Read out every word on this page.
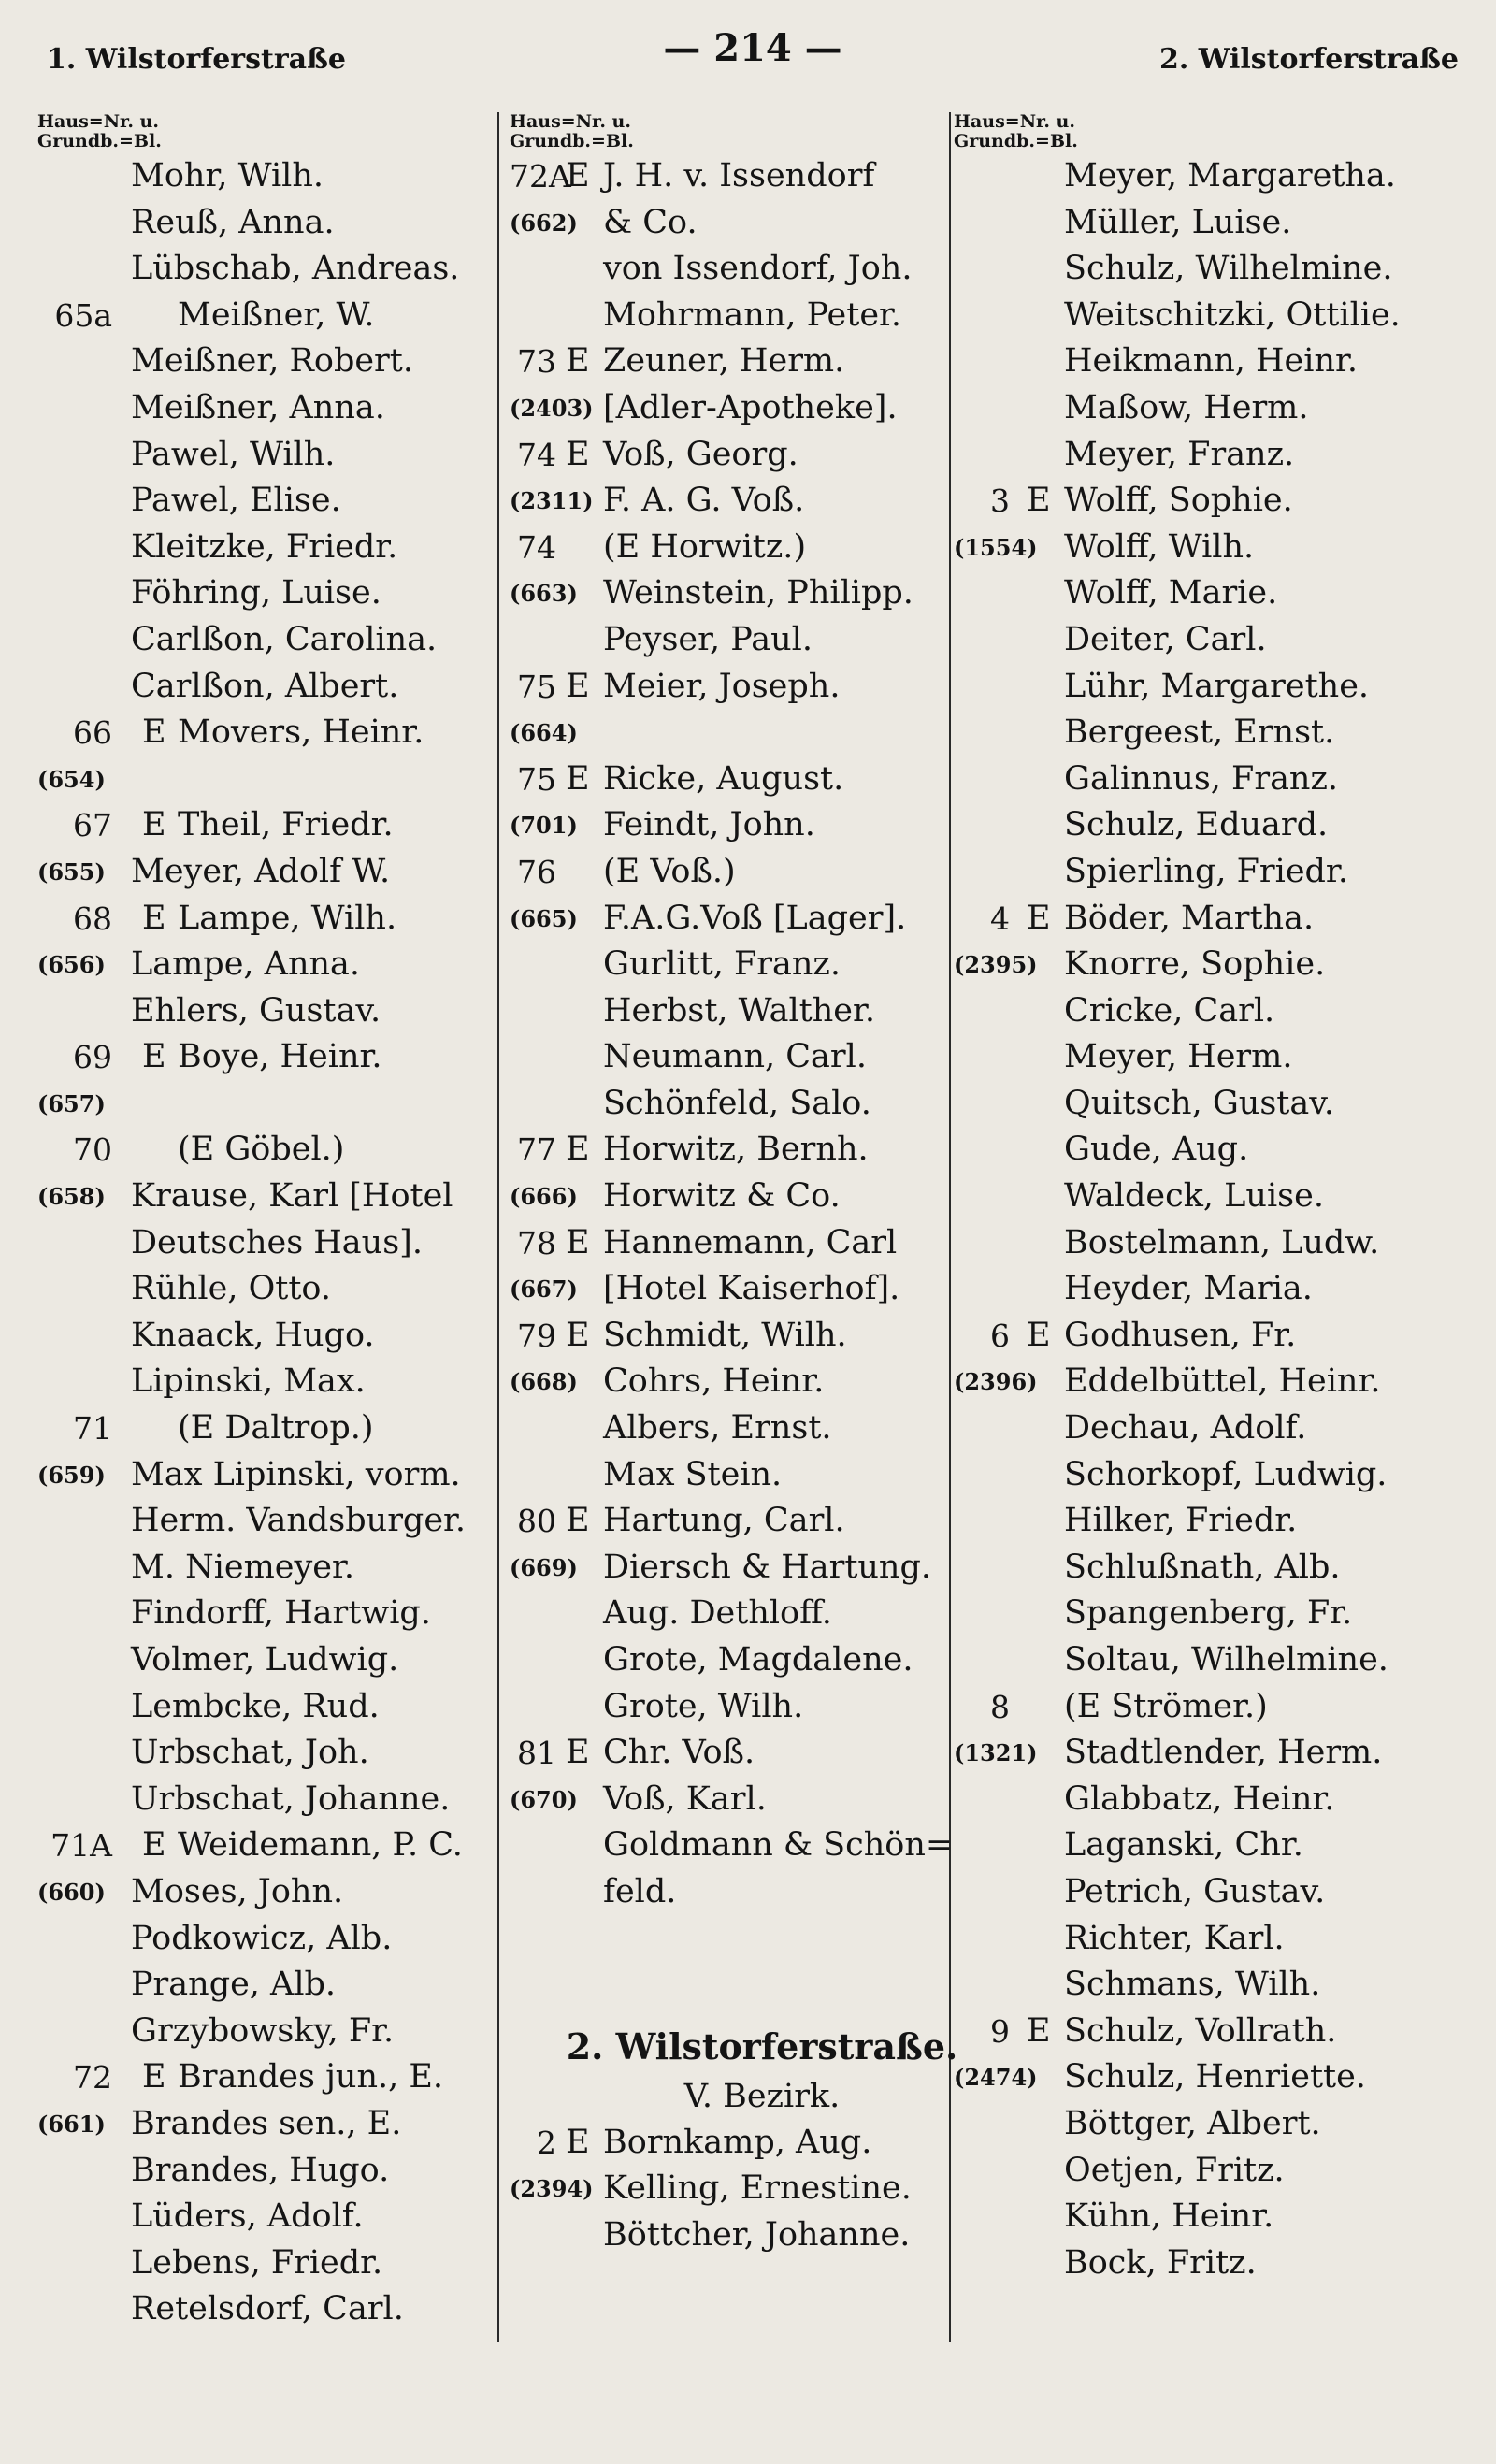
1. Wilstorferstraße	— 214 —	2. Wilstorferstraße
Haus=Nr. u.
Grundb.=Bl.
Mohr, Wilh.
Reuß, Anna.
Lübschab, Andreas.
65a Meißner, W.
Meißner, Robert.
Meißner, Anna.
Pawel, Wilh.
Pawel, Elise.
Kleitzke, Friedr.
Föhring, Luise.
Carlßon, Carolina.
Carlßon, Albert.
66 E Movers, Heinr.
(654)
67 E Theil, Friedr.
(655) Meyer, Adolf W.
68 E Lampe, Wilh.
(656) Lampe, Anna.
Ehlers, Gustav.
69 E Boye, Heinr.
(657)
70 (E Göbel.)
(658) Krause, Karl [Hotel
Deutsches Haus].
Rühle, Otto.
Knaack, Hugo.
Lipinski, Max.
71 (E Daltrop.)
(659) Max Lipinski, vorm.
Herm. Vandsburger.
M. Niemeyer.
Findorff, Hartwig.
Volmer, Ludwig.
Lembcke, Rud.
Urbschat, Joh.
Urbschat, Johanne.
71A E Weidemann, P. C.
(660) Moses, John.
Podkowicz, Alb.
Prange, Alb.
Grzybowsky, Fr.
72 E Brandes jun., E.
(661) Brandes sen., E.
Brandes, Hugo.
Lüders, Adolf.
Lebens, Friedr.
Retelsdorf, Carl.
Haus=Nr. u.
Grundb.=Bl.
72A
E J. H. v. Issendorf
(662) & Co.
von Issendorf, Joh.
Mohrmann, Peter.
73 E Zeuner, Herm.
(2403) [Adler-Apotheke].
74 E Voß, Georg.
(2311) F. A. G. Voß.
74 (E Horwitz.)
(663) Weinstein, Philipp.
Peyser, Paul.
75 E Meier, Joseph.
(664)
75 E Ricke, August.
(701) Feindt, John.
76 (E Voß.)
(665) F.A.G.Voß [Lager].
Gurlitt, Franz.
Herbst, Walther.
Neumann, Carl.
Schönfeld, Salo.
77 E Horwitz, Bernh.
(666) Horwitz & Co.
78 E Hannemann, Carl
(667) [Hotel Kaiserhof].
79 E Schmidt, Wilh.
(668) Cohrs, Heinr.
Albers, Ernst.
Max Stein.
80 E Hartung, Carl.
(669) Diersch & Hartung.
Aug. Dethloff.
Grote, Magdalene.
Grote, Wilh.
81 E Chr. Voß.
(670) Voß, Karl.
Goldmann & Schön=
feld.
2. Wilstorferstraße.
V. Bezirk.
2 E Bornkamp, Aug.
(2394) Kelling, Ernestine.
Böttcher, Johanne.
Haus=Nr. u.
Grundb.=Bl.
Meyer, Margaretha.
Müller, Luise.
Schulz, Wilhelmine.
Weitschitzki, Ottilie.
Heikmann, Heinr.
Maßow, Herm.
Meyer, Franz.
3 E Wolff, Sophie.
(1554) Wolff, Wilh.
Wolff, Marie.
Deiter, Carl.
Lühr, Margarethe.
Bergeest, Ernst.
Galinnus, Franz.
Schulz, Eduard.
Spierling, Friedr.
4 E Böder, Martha.
(2395) Knorre, Sophie.
Cricke, Carl.
Meyer, Herm.
Quitsch, Gustav.
Gude, Aug.
Waldeck, Luise.
Bostelmann, Ludw.
Heyder, Maria.
6 E Godhusen, Fr.
(2396) Eddelbüttel, Heinr.
Dechau, Adolf.
Schorkopf, Ludwig.
Hilker, Friedr.
Schlußnath, Alb.
Spangenberg, Fr.
Soltau, Wilhelmine.
8 (E Strömer.)
(1321) Stadtlender, Herm.
Glabbatz, Heinr.
Laganski, Chr.
Petrich, Gustav.
Richter, Karl.
Schmans, Wilh.
9 E Schulz, Vollrath.
(2474) Schulz, Henriette.
Böttger, Albert.
Oetjen, Fritz.
Kühn, Heinr.
Bock, Fritz.
